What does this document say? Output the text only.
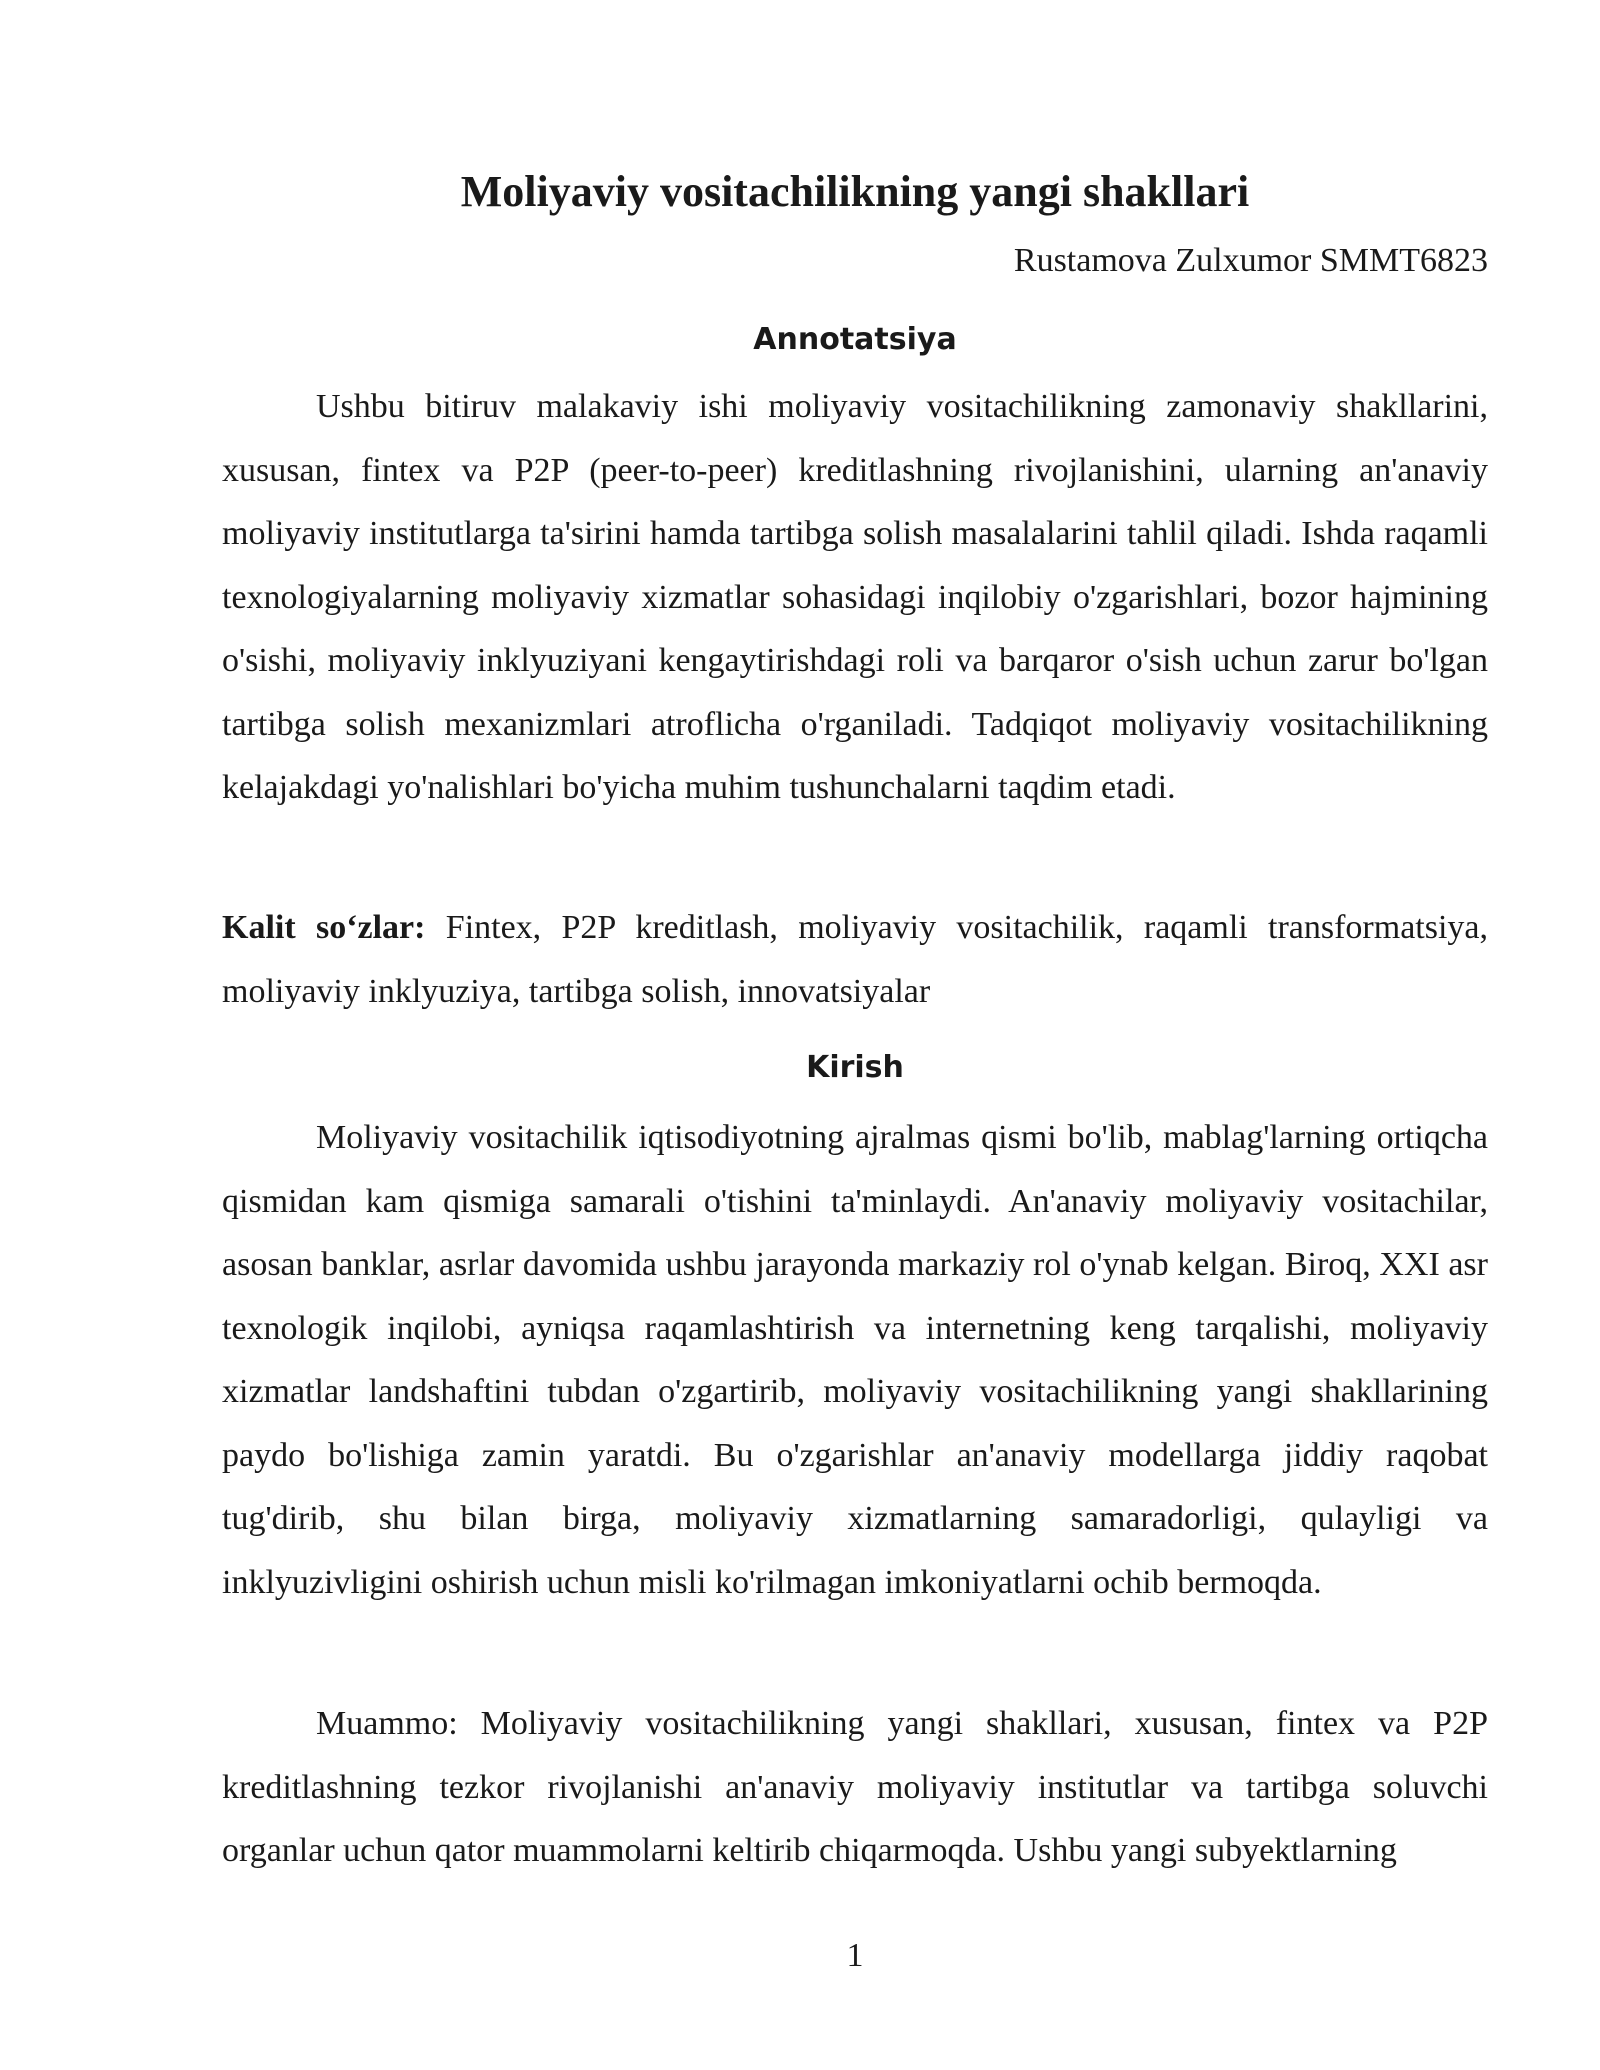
Moliyaviy vositachilikning yangi shakllari
Rustamova Zulxumor SMMT6823
Annotatsiya

Ushbu bitiruv malakaviy ishi moliyaviy vositachilikning zamonaviy shakllarini, xususan, fintex va P2P (peer-to-peer) kreditlashning rivojlanishini, ularning an'anaviy moliyaviy institutlarga ta'sirini hamda tartibga solish masalalarini tahlil qiladi. Ishda raqamli texnologiyalarning moliyaviy xizmatlar sohasidagi inqilobiy o'zgarishlari, bozor hajmining o'sishi, moliyaviy inklyuziyani kengaytirishdagi roli va barqaror o'sish uchun zarur bo'lgan tartibga solish mexanizmlari atroflicha o'rganiladi. Tadqiqot moliyaviy vositachilikning kelajakdagi yo'nalishlari bo'yicha muhim tushunchalarni taqdim etadi.

Kalit so‘zlar: Fintex, P2P kreditlash, moliyaviy vositachilik, raqamli transformatsiya, moliyaviy inklyuziya, tartibga solish, innovatsiyalar

Kirish

Moliyaviy vositachilik iqtisodiyotning ajralmas qismi bo'lib, mablag'larning ortiqcha qismidan kam qismiga samarali o'tishini ta'minlaydi. An'anaviy moliyaviy vositachilar, asosan banklar, asrlar davomida ushbu jarayonda markaziy rol o'ynab kelgan. Biroq, XXI asr texnologik inqilobi, ayniqsa raqamlashtirish va internetning keng tarqalishi, moliyaviy xizmatlar landshaftini tubdan o'zgartirib, moliyaviy vositachilikning yangi shakllarining paydo bo'lishiga zamin yaratdi. Bu o'zgarishlar an'anaviy modellarga jiddiy raqobat tug'dirib, shu bilan birga, moliyaviy xizmatlarning samaradorligi, qulayligi va inklyuzivligini oshirish uchun misli ko'rilmagan imkoniyatlarni ochib bermoqda.

Muammo: Moliyaviy vositachilikning yangi shakllari, xususan, fintex va P2P kreditlashning tezkor rivojlanishi an'anaviy moliyaviy institutlar va tartibga soluvchi organlar uchun qator muammolarni keltirib chiqarmoqda. Ushbu yangi subyektlarning

1
